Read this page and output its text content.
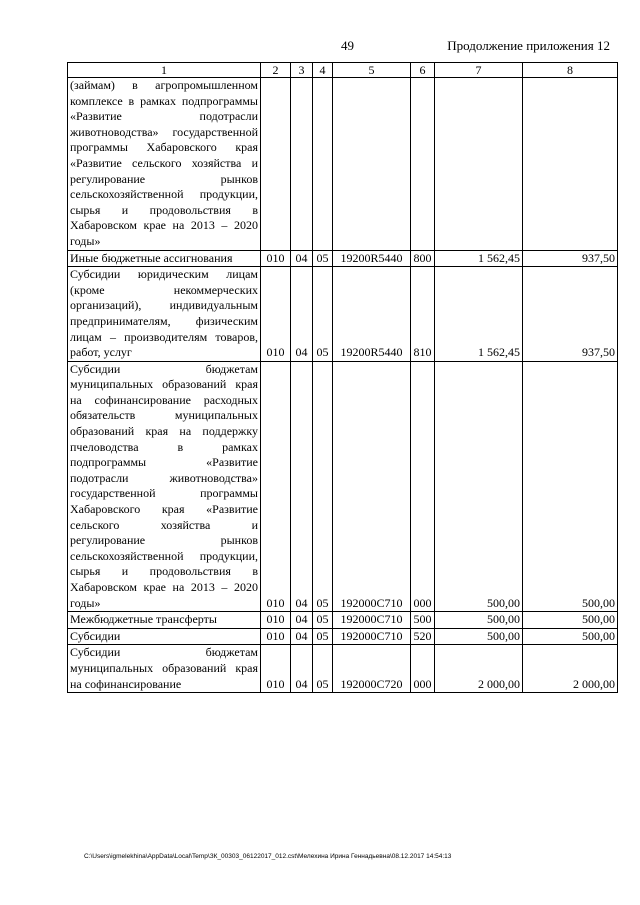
49	Продолжение приложения 12
1	2	3	4	5	6	7	8
(займам) в агропромышленном комплексе в рамках подпрограммы «Развитие подотрасли животноводства» государственной программы Хабаровского края «Развитие сельского хозяйства и регулирование рынков сельскохозяйственной продукции, сырья и продовольствия в Хабаровском крае на 2013 – 2020 годы»							
Иные бюджетные ассигнования	010	04	05	19200R5440	800	1 562,45	937,50
Субсидии юридическим лицам (кроме некоммерческих организаций), индивидуальным предпринимателям, физическим лицам – производителям товаров, работ, услуг	010	04	05	19200R5440	810	1 562,45	937,50
Субсидии бюджетам муниципальных образований края на софинансирование расходных обязательств муниципальных образований края на поддержку пчеловодства в рамках подпрограммы «Развитие подотрасли животноводства» государственной программы Хабаровского края «Развитие сельского хозяйства и регулирование рынков сельскохозяйственной продукции, сырья и продовольствия в Хабаровском крае на 2013 – 2020 годы»	010	04	05	192000C710	000	500,00	500,00
Межбюджетные трансферты	010	04	05	192000C710	500	500,00	500,00
Субсидии	010	04	05	192000C710	520	500,00	500,00
Субсидии бюджетам муниципальных образований края на софинансирование	010	04	05	192000C720	000	2 000,00	2 000,00
C:\Users\igmelekhina\AppData\Local\Temp\ЗК_00303_06122017_012.cst\Мелехина Ирина Геннадьевна\08.12.2017 14:54:13
